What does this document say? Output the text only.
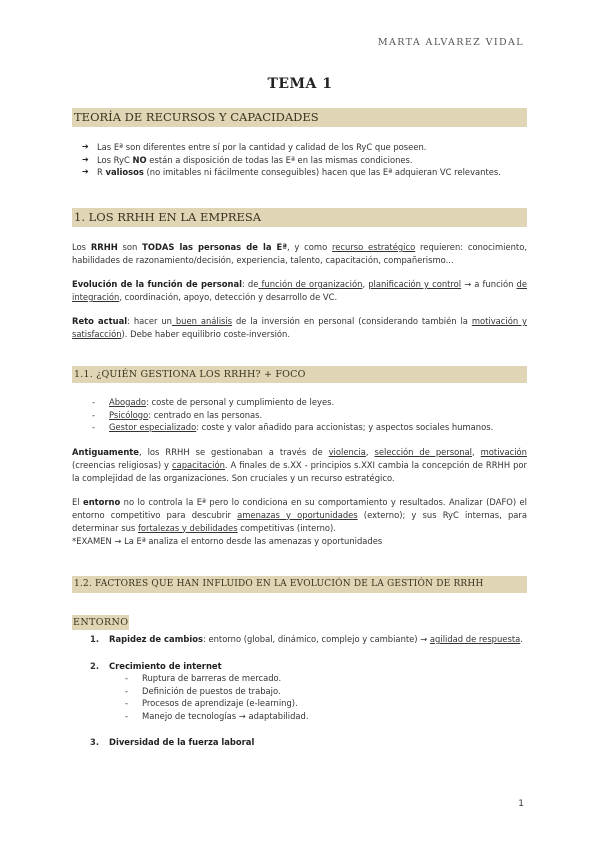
MARTA ALVAREZ VIDAL
TEMA 1
TEORÍA DE RECURSOS Y CAPACIDADES
➔ Las Eª son diferentes entre sí por la cantidad y calidad de los RyC que poseen.
➔ Los RyC NO están a disposición de todas las Eª en las mismas condiciones.
➔ R valiosos (no imitables ni fácilmente conseguibles) hacen que las Eª adquieran VC relevantes.
1. LOS RRHH EN LA EMPRESA

Los RRHH son TODAS las personas de la Eª, y como recurso estratégico requieren: conocimiento, habilidades de razonamiento/decisión, experiencia, talento, capacitación, compañerismo...

Evolución de la función de personal: de función de organización, planificación y control → a función de integración, coordinación, apoyo, detección y desarrollo de VC.

Reto actual: hacer un buen análisis de la inversión en personal (considerando también la motivación y satisfacción). Debe haber equilibrio coste-inversión.

1.1. ¿QUIÉN GESTIONA LOS RRHH? + FOCO
- Abogado: coste de personal y cumplimiento de leyes.
- Psicólogo: centrado en las personas.
- Gestor especializado: coste y valor añadido para accionistas; y aspectos sociales humanos.

Antiguamente, los RRHH se gestionaban a través de violencia, selección de personal, motivación (creencias religiosas) y capacitación. A finales de s.XX - principios s.XXI cambia la concepción de RRHH por la complejidad de las organizaciones. Son cruciales y un recurso estratégico.

El entorno no lo controla la Eª pero lo condiciona en su comportamiento y resultados. Analizar (DAFO) el entorno competitivo para descubrir amenazas y oportunidades (externo); y sus RyC internas, para determinar sus fortalezas y debilidades competitivas (interno).

*EXAMEN → La Eª analiza el entorno desde las amenazas y oportunidades

1.2. FACTORES QUE HAN INFLUIDO EN LA EVOLUCIÓN DE LA GESTIÓN DE RRHH
ENTORNO
1. Rapidez de cambios: entorno (global, dinámico, complejo y cambiante) → agilidad de respuesta.
2. Crecimiento de internet
- Ruptura de barreras de mercado.
- Definición de puestos de trabajo.
- Procesos de aprendizaje (e-learning).
- Manejo de tecnologías → adaptabilidad.
3. Diversidad de la fuerza laboral
1
